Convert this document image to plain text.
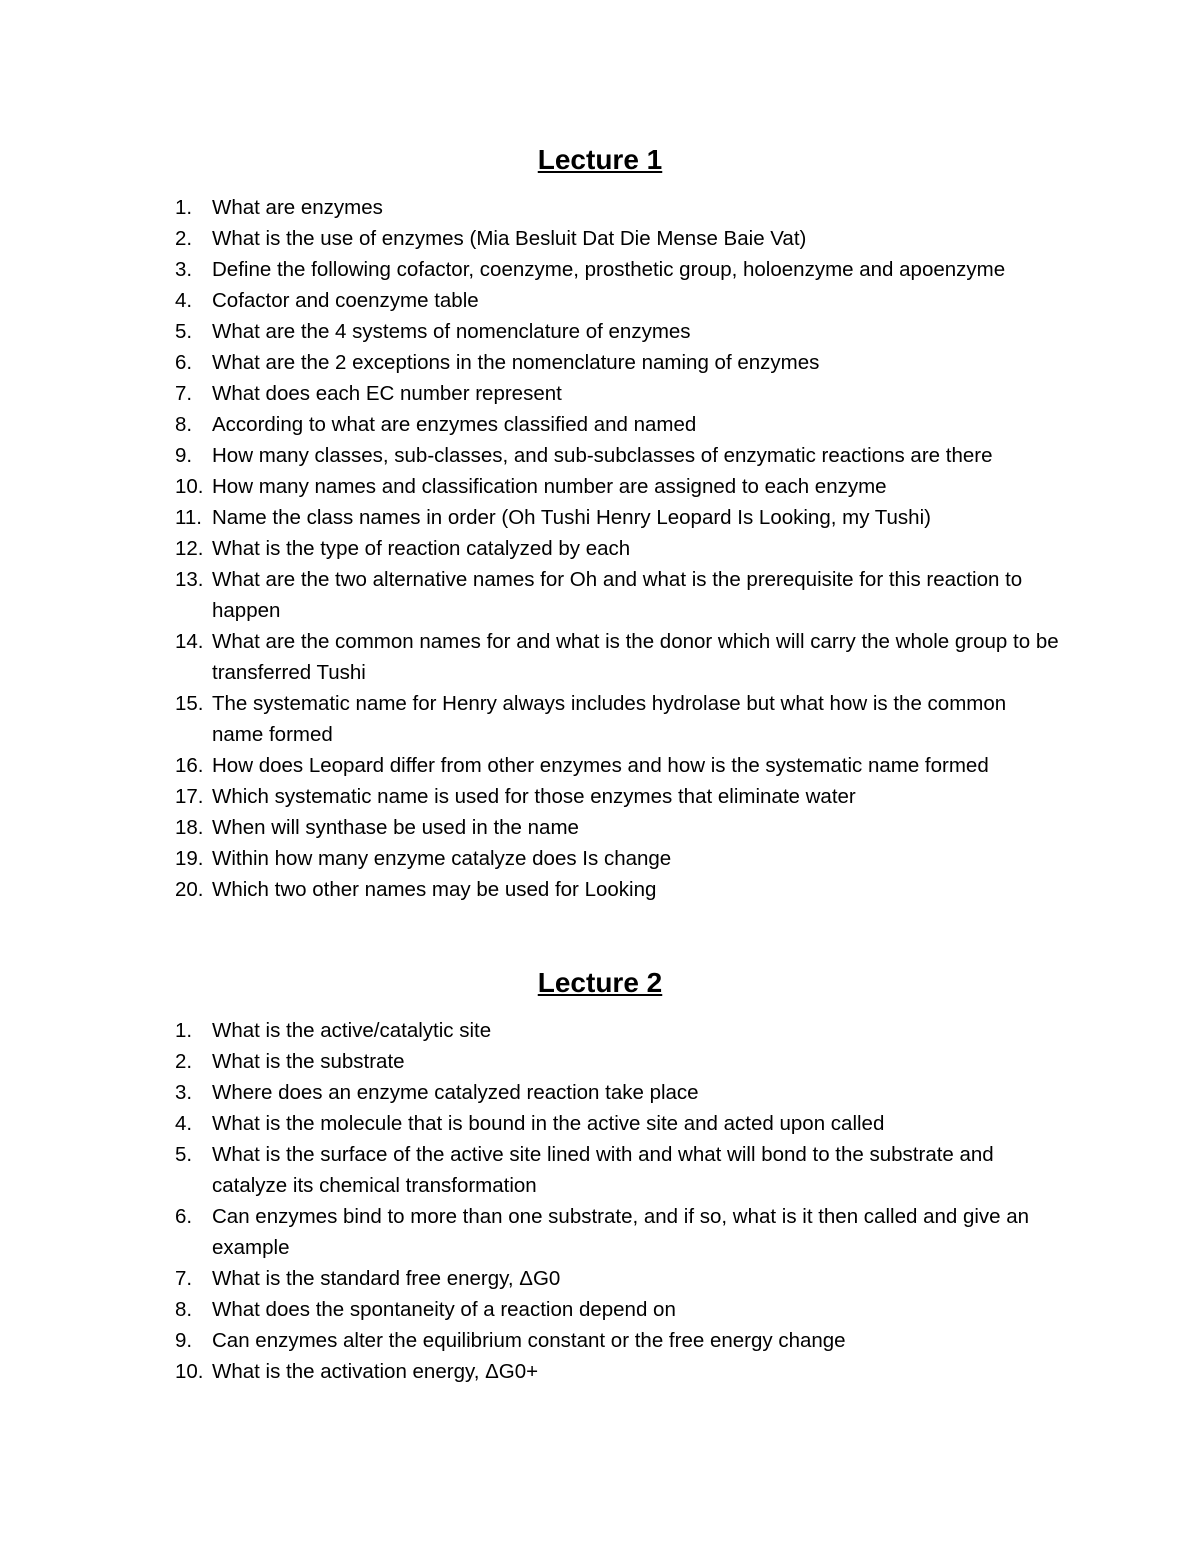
Lecture 1
1. What are enzymes
2. What is the use of enzymes (Mia Besluit Dat Die Mense Baie Vat)
3. Define the following cofactor, coenzyme, prosthetic group, holoenzyme and apoenzyme
4. Cofactor and coenzyme table
5. What are the 4 systems of nomenclature of enzymes
6. What are the 2 exceptions in the nomenclature naming of enzymes
7. What does each EC number represent
8. According to what are enzymes classified and named
9. How many classes, sub-classes, and sub-subclasses of enzymatic reactions are there
10. How many names and classification number are assigned to each enzyme
11. Name the class names in order (Oh Tushi Henry Leopard Is Looking, my Tushi)
12. What is the type of reaction catalyzed by each
13. What are the two alternative names for Oh and what is the prerequisite for this reaction to happen
14. What are the common names for and what is the donor which will carry the whole group to be transferred Tushi
15. The systematic name for Henry always includes hydrolase but what how is the common name formed
16. How does Leopard differ from other enzymes and how is the systematic name formed
17. Which systematic name is used for those enzymes that eliminate water
18. When will synthase be used in the name
19. Within how many enzyme catalyze does Is change
20. Which two other names may be used for Looking
Lecture 2
1. What is the active/catalytic site
2. What is the substrate
3. Where does an enzyme catalyzed reaction take place
4. What is the molecule that is bound in the active site and acted upon called
5. What is the surface of the active site lined with and what will bond to the substrate and catalyze its chemical transformation
6. Can enzymes bind to more than one substrate, and if so, what is it then called and give an example
7. What is the standard free energy, ΔG0
8. What does the spontaneity of a reaction depend on
9. Can enzymes alter the equilibrium constant or the free energy change
10. What is the activation energy, ΔG0+
